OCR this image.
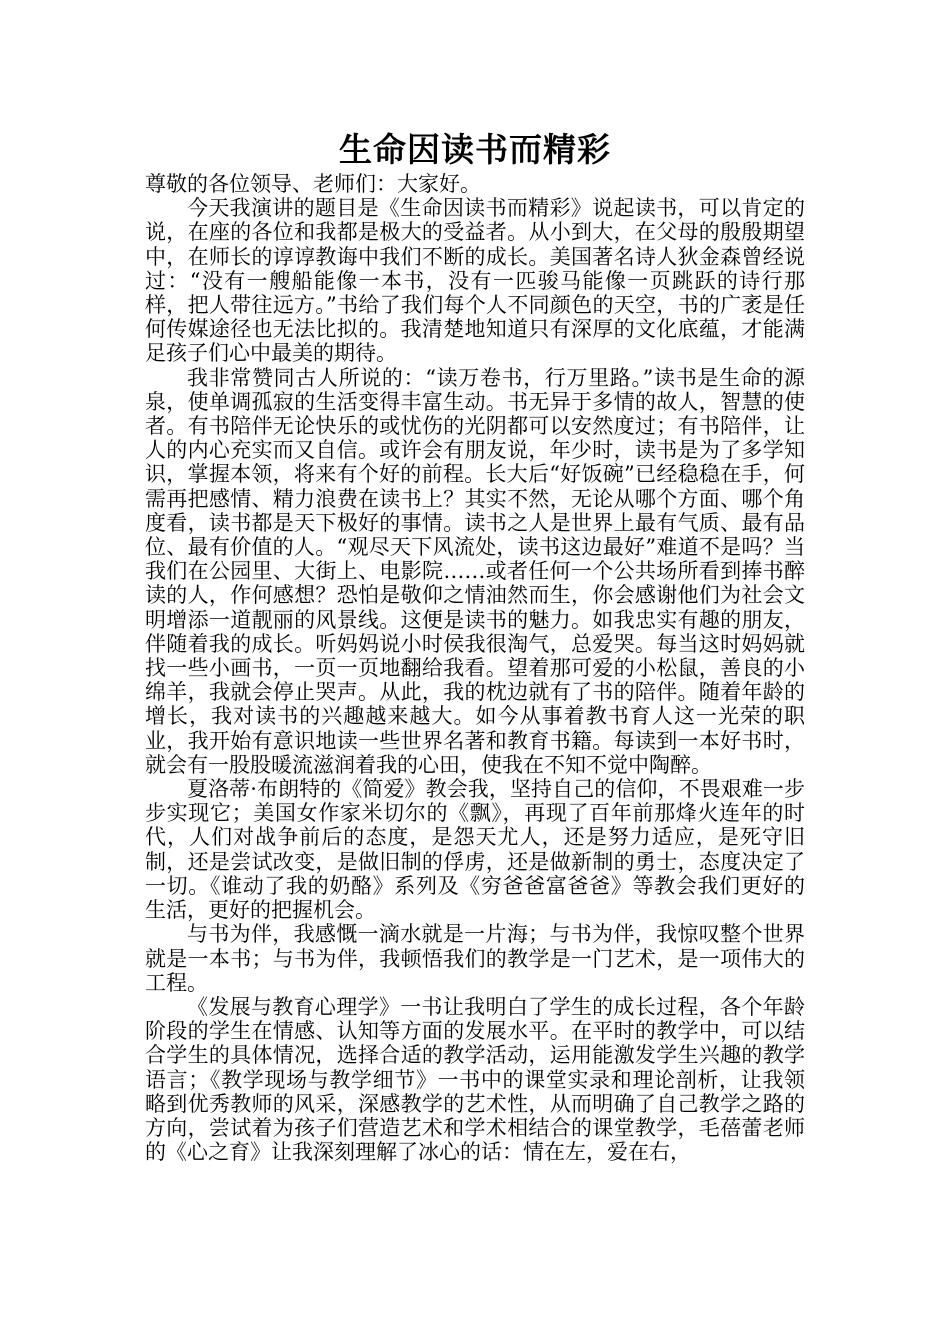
生命因读书而精彩

尊敬的各位领导、老师们：大家好。

今天我演讲的题目是《生命因读书而精彩》说起读书，可以肯定的说，在座的各位和我都是极大的受益者。从小到大，在父母的殷殷期望中，在师长的谆谆教诲中我们不断的成长。美国著名诗人狄金森曾经说过：“没有一艘船能像一本书，没有一匹骏马能像一页跳跃的诗行那样，把人带往远方。”书给了我们每个人不同颜色的天空，书的广袤是任何传媒途径也无法比拟的。我清楚地知道只有深厚的文化底蕴，才能满足孩子们心中最美的期待。

我非常赞同古人所说的：“读万卷书，行万里路。”读书是生命的源泉，使单调孤寂的生活变得丰富生动。书无异于多情的故人，智慧的使者。有书陪伴无论快乐的或忧伤的光阴都可以安然度过；有书陪伴，让人的内心充实而又自信。或许会有朋友说，年少时，读书是为了多学知识，掌握本领，将来有个好的前程。长大后“好饭碗”已经稳稳在手，何需再把感情、精力浪费在读书上？其实不然，无论从哪个方面、哪个角度看，读书都是天下极好的事情。读书之人是世界上最有气质、最有品位、最有价值的人。“观尽天下风流处，读书这边最好”难道不是吗？当我们在公园里、大街上、电影院……或者任何一个公共场所看到捧书醉读的人，作何感想？恐怕是敬仰之情油然而生，你会感谢他们为社会文明增添一道靓丽的风景线。这便是读书的魅力。如我忠实有趣的朋友，伴随着我的成长。听妈妈说小时侯我很淘气，总爱哭。每当这时妈妈就找一些小画书，一页一页地翻给我看。望着那可爱的小松鼠，善良的小绵羊，我就会停止哭声。从此，我的枕边就有了书的陪伴。随着年龄的增长，我对读书的兴趣越来越大。如今从事着教书育人这一光荣的职业，我开始有意识地读一些世界名著和教育书籍。每读到一本好书时，就会有一股股暖流滋润着我的心田，使我在不知不觉中陶醉。

夏洛蒂·布朗特的《简爱》教会我，坚持自己的信仰，不畏艰难一步步实现它；美国女作家米切尔的《飘》，再现了百年前那烽火连年的时代，人们对战争前后的态度，是怨天尤人，还是努力适应，是死守旧制，还是尝试改变，是做旧制的俘虏，还是做新制的勇士，态度决定了一切。《谁动了我的奶酪》系列及《穷爸爸富爸爸》等教会我们更好的生活，更好的把握机会。

与书为伴，我感慨一滴水就是一片海；与书为伴，我惊叹整个世界就是一本书；与书为伴，我顿悟我们的教学是一门艺术，是一项伟大的工程。

《发展与教育心理学》一书让我明白了学生的成长过程，各个年龄阶段的学生在情感、认知等方面的发展水平。在平时的教学中，可以结合学生的具体情况，选择合适的教学活动，运用能激发学生兴趣的教学语言；《教学现场与教学细节》一书中的课堂实录和理论剖析，让我领略到优秀教师的风采，深感教学的艺术性，从而明确了自己教学之路的方向，尝试着为孩子们营造艺术和学术相结合的课堂教学，毛蓓蕾老师的《心之育》让我深刻理解了冰心的话：情在左，爱在右，
